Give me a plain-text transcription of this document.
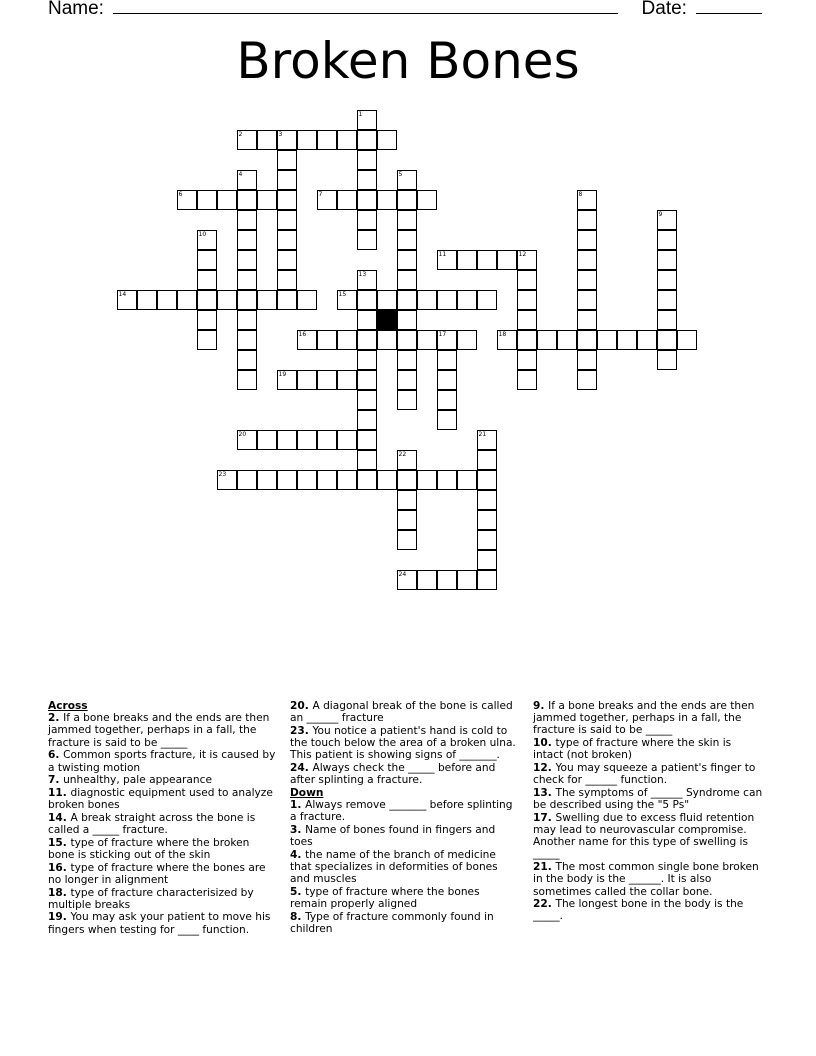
Name:	Date:
Broken Bones
1
2	3
4	5
6	7	8
9
10
11	12
13
14	15
16	17	18
19
20	21
22
23
24
Across
2. If a bone breaks and the ends are then jammed together, perhaps in a fall, the fracture is said to be _____
6. Common sports fracture, it is caused by a twisting motion
7. unhealthy, pale appearance
11. diagnostic equipment used to analyze broken bones
14. A break straight across the bone is called a _____ fracture.
15. type of fracture where the broken bone is sticking out of the skin
16. type of fracture where the bones are no longer in alignment
18. type of fracture characterisized by multiple breaks
19. You may ask your patient to move his fingers when testing for ____ function.
20. A diagonal break of the bone is called an ______ fracture
23. You notice a patient's hand is cold to the touch below the area of a broken ulna. This patient is showing signs of _______.
24. Always check the _____ before and after splinting a fracture.
Down
1. Always remove _______ before splinting a fracture.
3. Name of bones found in fingers and toes
4. the name of the branch of medicine that specializes in deformities of bones and muscles
5. type of fracture where the bones remain properly aligned
8. Type of fracture commonly found in children
9. If a bone breaks and the ends are then jammed together, perhaps in a fall, the fracture is said to be _____
10. type of fracture where the skin is intact (not broken)
12. You may squeeze a patient's finger to check for ______ function.
13. The symptoms of ______ Syndrome can be described using the "5 Ps"
17. Swelling due to excess fluid retention may lead to neurovascular compromise. Another name for this type of swelling is _____
21. The most common single bone broken in the body is the ______. It is also sometimes called the collar bone.
22. The longest bone in the body is the _____.
